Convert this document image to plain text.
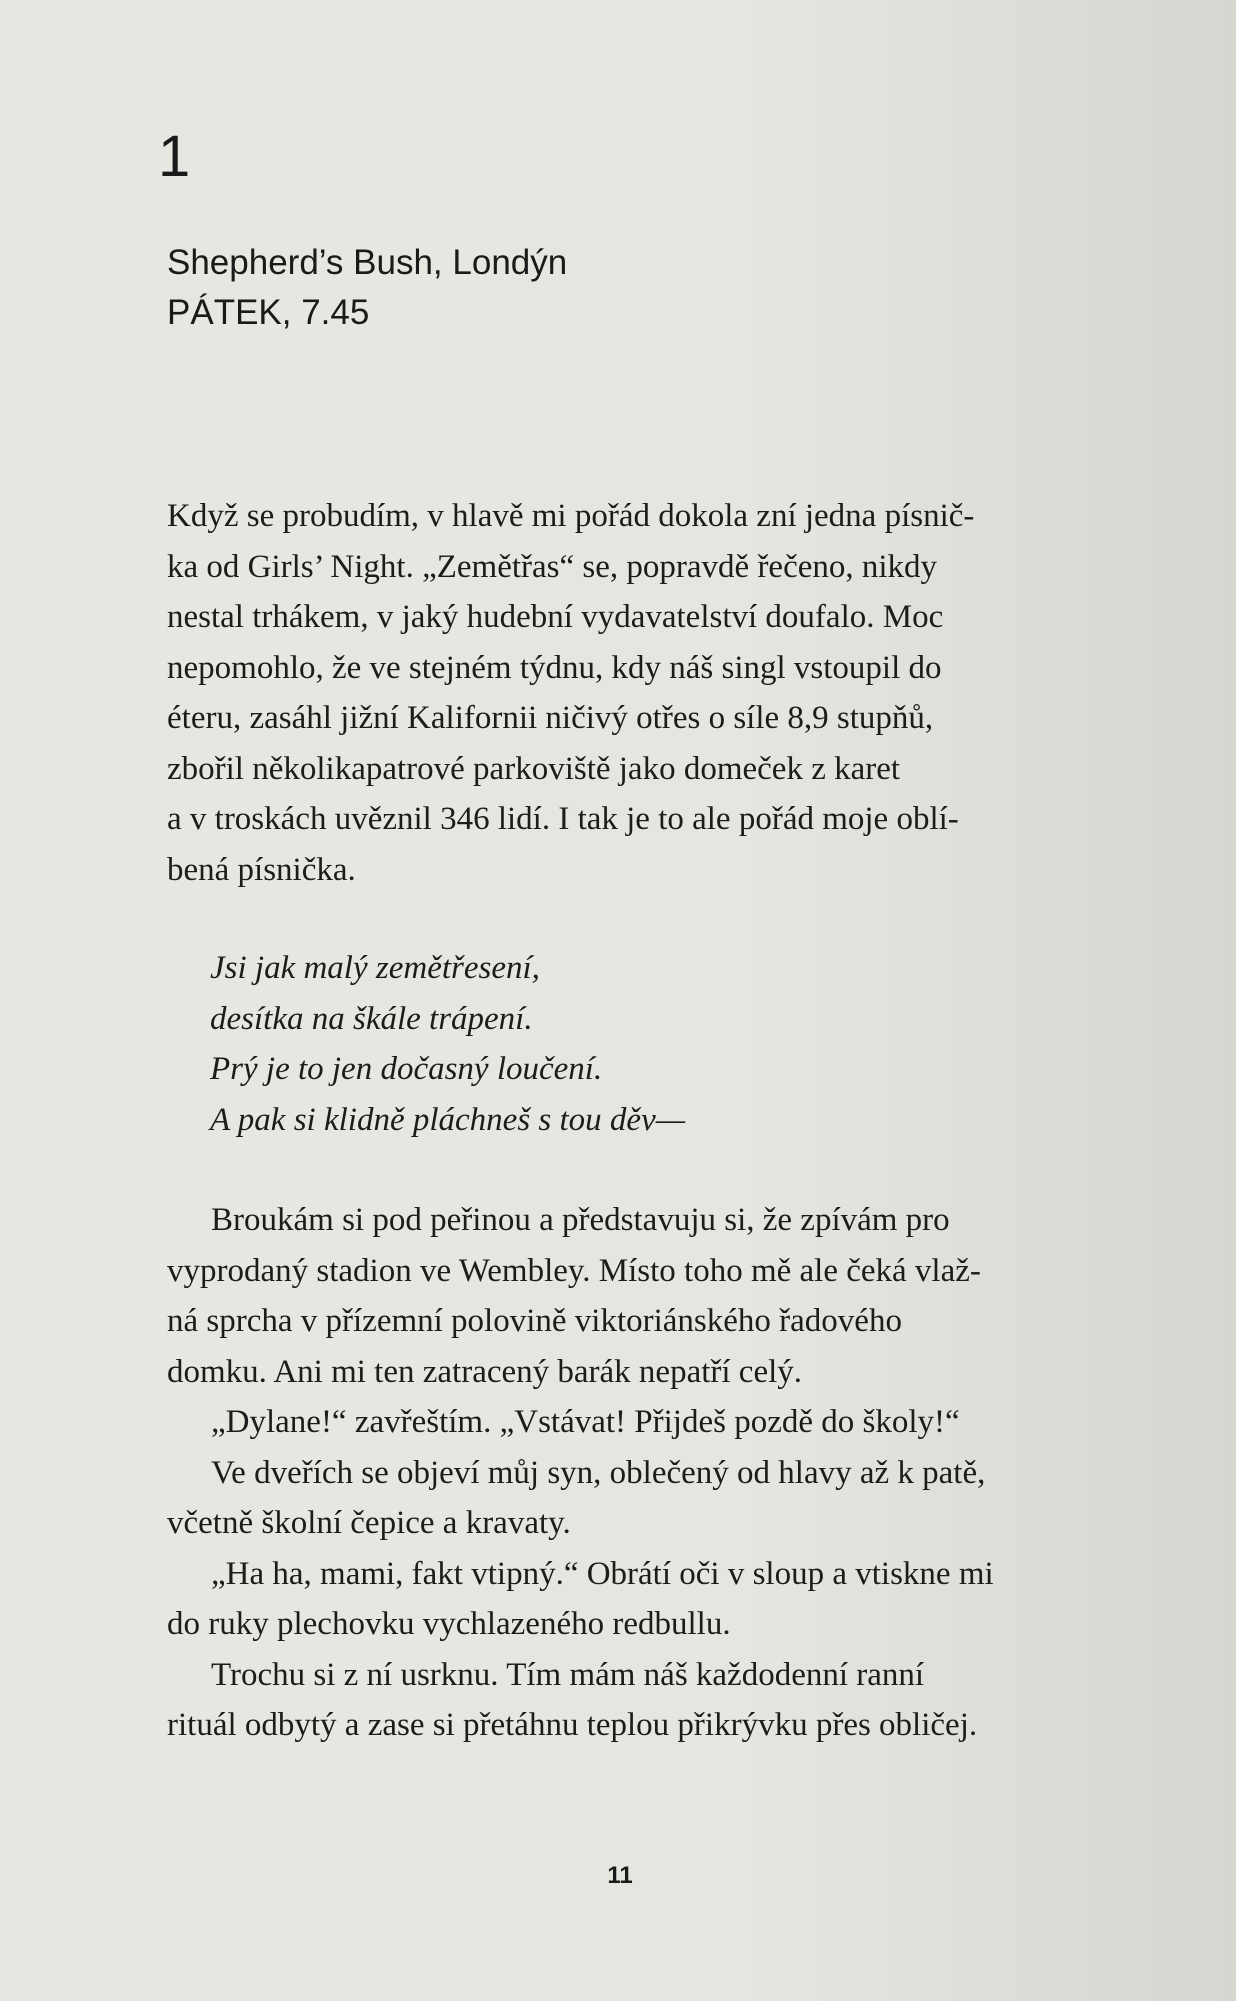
1
Shepherd’s Bush, Londýn
PÁTEK, 7.45
Když se probudím, v hlavě mi pořád dokola zní jedna písnič-
ka od Girls’ Night. „Zemětřas“ se, popravdě řečeno, nikdy
nestal trhákem, v jaký hudební vydavatelství doufalo. Moc
nepomohlo, že ve stejném týdnu, kdy náš singl vstoupil do
éteru, zasáhl jižní Kalifornii ničivý otřes o síle 8,9 stupňů,
zbořil několikapatrové parkoviště jako domeček z karet
a v troskách uvěznil 346 lidí. I tak je to ale pořád moje oblí-
bená písnička.
Jsi jak malý zemětřesení,
desítka na škále trápení.
Prý je to jen dočasný loučení.
A pak si klidně pláchneš s tou děv—
Broukám si pod peřinou a představuju si, že zpívám pro
vyprodaný stadion ve Wembley. Místo toho mě ale čeká vlaž-
ná sprcha v přízemní polovině viktoriánského řadového
domku. Ani mi ten zatracený barák nepatří celý.
„Dylane!“ zavřeštím. „Vstávat! Přijdeš pozdě do školy!“
Ve dveřích se objeví můj syn, oblečený od hlavy až k patě,
včetně školní čepice a kravaty.
„Ha ha, mami, fakt vtipný.“ Obrátí oči v sloup a vtiskne mi
do ruky plechovku vychlazeného redbullu.
Trochu si z ní usrknu. Tím mám náš každodenní ranní
rituál odbytý a zase si přetáhnu teplou přikrývku přes obličej.
11
